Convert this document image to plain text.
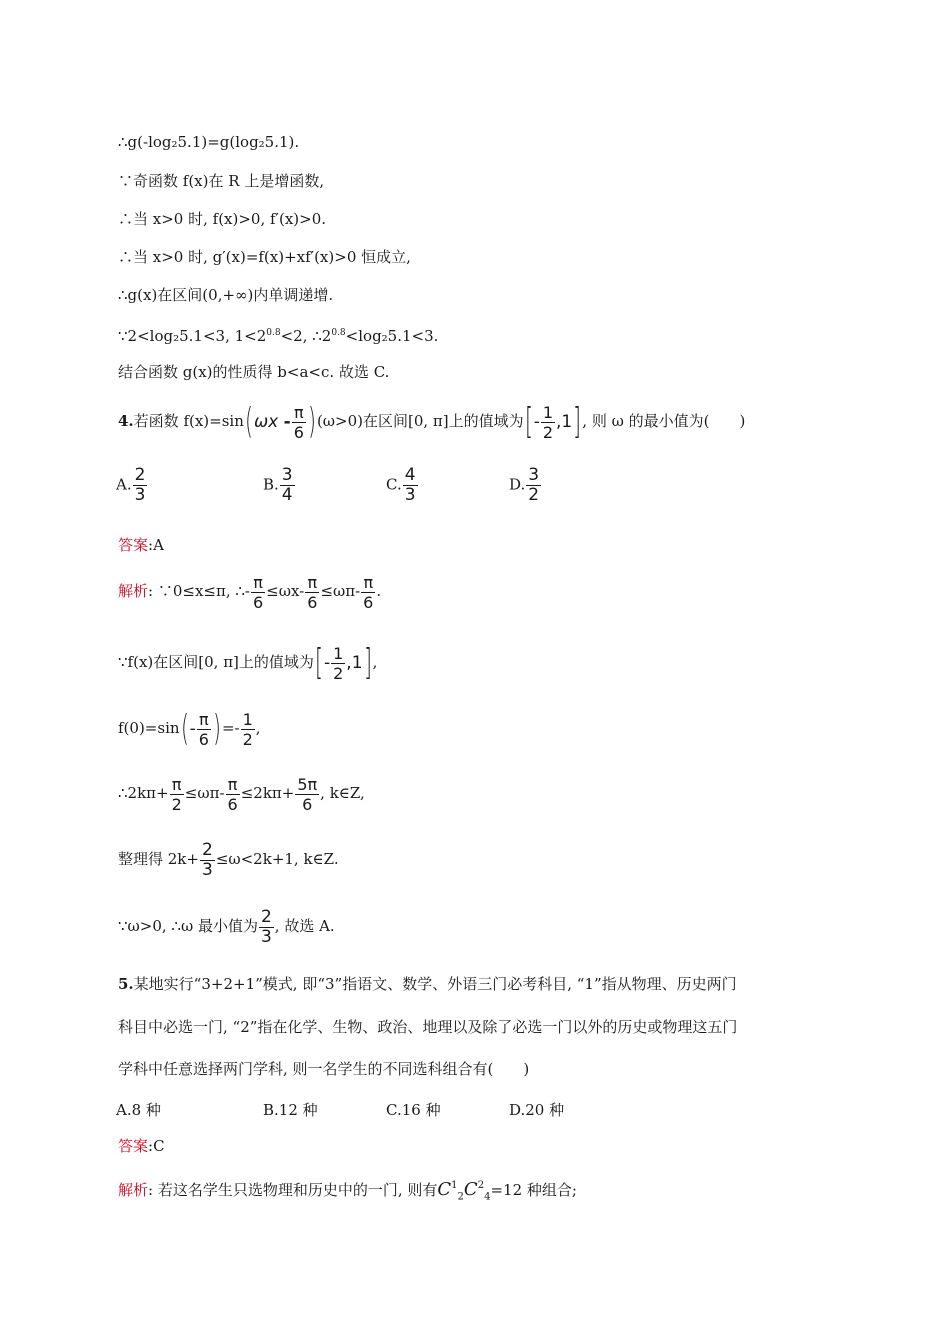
∴g(-log₂5.1)=g(log₂5.1).
∵奇函数 f(x)在 R 上是增函数,
∴当 x>0 时, f(x)>0, f′(x)>0.
∴当 x>0 时, g′(x)=f(x)+xf′(x)>0 恒成立,
∴g(x)在区间(0,+∞)内单调递增.
∵2<log₂5.1<3, $1<2^{0.8}<2$, $\therefore 2^{0.8}<\log_25.1<3$.
结合函数 g(x)的性质得 b<a<c. 故选 C.
4.若函数 $f(x)=\sin(\omega x - \frac{\pi}{6} )(\omega>0)$在区间[0, π]上的值域为[- $\frac{1}{2} ,1$], 则 ω 的最小值为(　　)
A. $\frac{2}{3}$	B. $\frac{3}{4}$	C. $\frac{4}{3}$	D. $\frac{3}{2}$
答案:A
解析: ∵0≤x≤π, ∴- $\frac{\pi}{6} \le\omega x- \frac{\pi}{6} \le\omega\pi- \frac{\pi}{6}$ .
∵f(x)在区间[0, π]上的值域为[- $\frac{1}{2} ,1$],
$f(0)=\sin(- \frac{\pi}{6}$ )=- $\frac{1}{2}$ ,
∴2kπ+ $\frac{\pi}{2} \le\omega\pi- \frac{\pi}{6} \le 2k\pi+ \frac{5\pi}{6}$ , k∈Z,
整理得 $2k+ \frac{2}{3} \le\omega<2k+1$, k∈Z.
∵ω>0, ∴ω 最小值为 $\frac{2}{3}$ , 故选 A.
5.某地实行“3+2+1”模式, 即“3”指语文、数学、外语三门必考科目, “1”指从物理、历史两门
科目中必选一门, “2”指在化学、生物、政治、地理以及除了必选一门以外的历史或物理这五门
学科中任意选择两门学科, 则一名学生的不同选科组合有(　　)
A.8 种	B.12 种	C.16 种	D.20 种
答案:C
解析: 若这名学生只选物理和历史中的一门, 则有$C^1_2C^2_4=12$ 种组合;
